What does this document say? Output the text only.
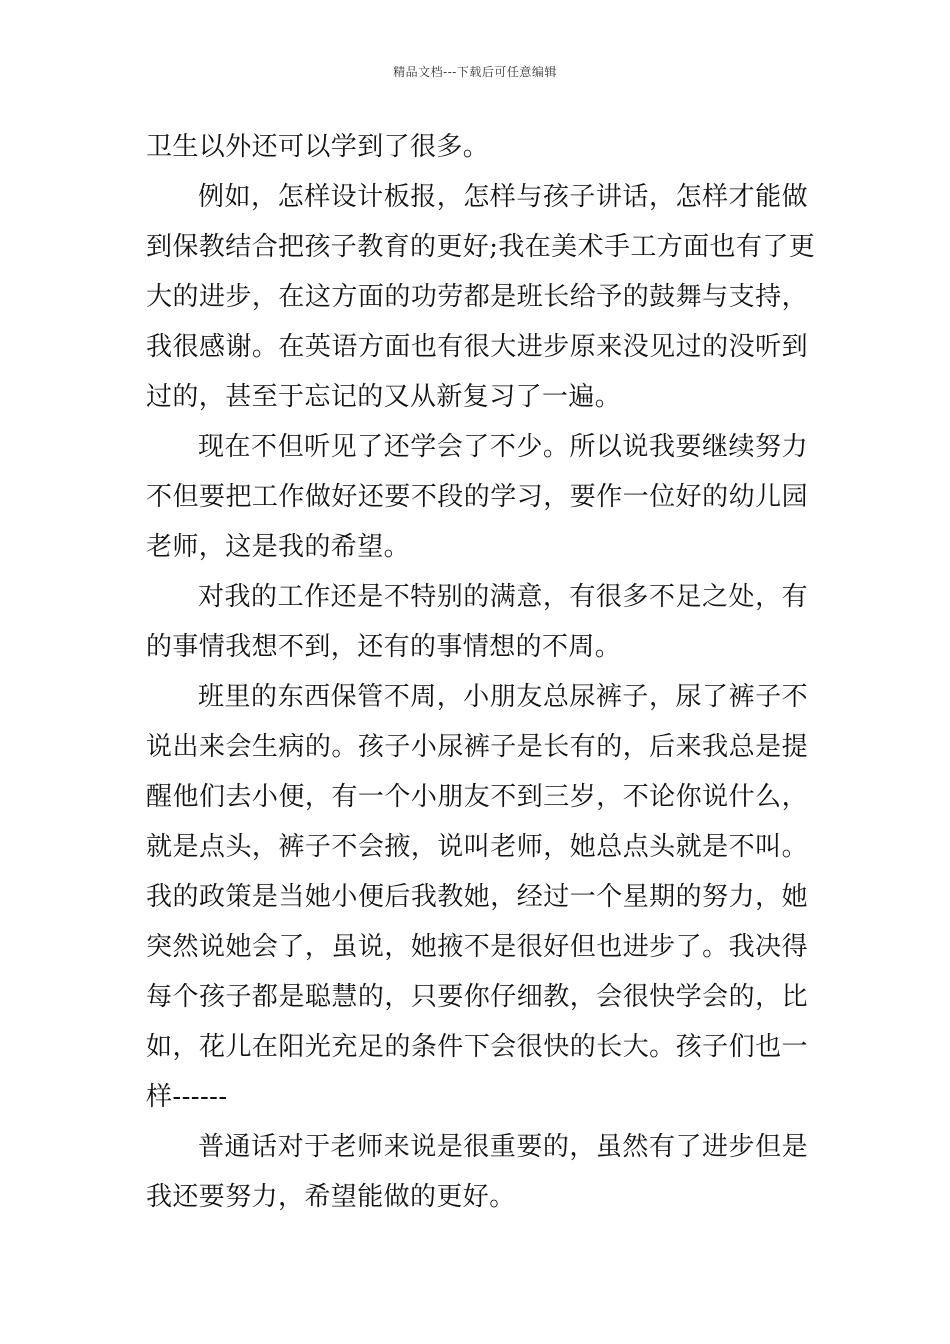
精品文档---下载后可任意编辑
卫生以外还可以学到了很多。
例如，怎样设计板报，怎样与孩子讲话，怎样才能做
到保教结合把孩子教育的更好;我在美术手工方面也有了更
大的进步，在这方面的功劳都是班长给予的鼓舞与支持，
我很感谢。在英语方面也有很大进步原来没见过的没听到
过的，甚至于忘记的又从新复习了一遍。
现在不但听见了还学会了不少。所以说我要继续努力
不但要把工作做好还要不段的学习，要作一位好的幼儿园
老师，这是我的希望。
对我的工作还是不特别的满意，有很多不足之处，有
的事情我想不到，还有的事情想的不周。
班里的东西保管不周，小朋友总尿裤子，尿了裤子不
说出来会生病的。孩子小尿裤子是长有的，后来我总是提
醒他们去小便，有一个小朋友不到三岁，不论你说什么，
就是点头，裤子不会掖，说叫老师，她总点头就是不叫。
我的政策是当她小便后我教她，经过一个星期的努力，她
突然说她会了，虽说，她掖不是很好但也进步了。我决得
每个孩子都是聪慧的，只要你仔细教，会很快学会的，比
如，花儿在阳光充足的条件下会很快的长大。孩子们也一
样------
普通话对于老师来说是很重要的，虽然有了进步但是
我还要努力，希望能做的更好。
